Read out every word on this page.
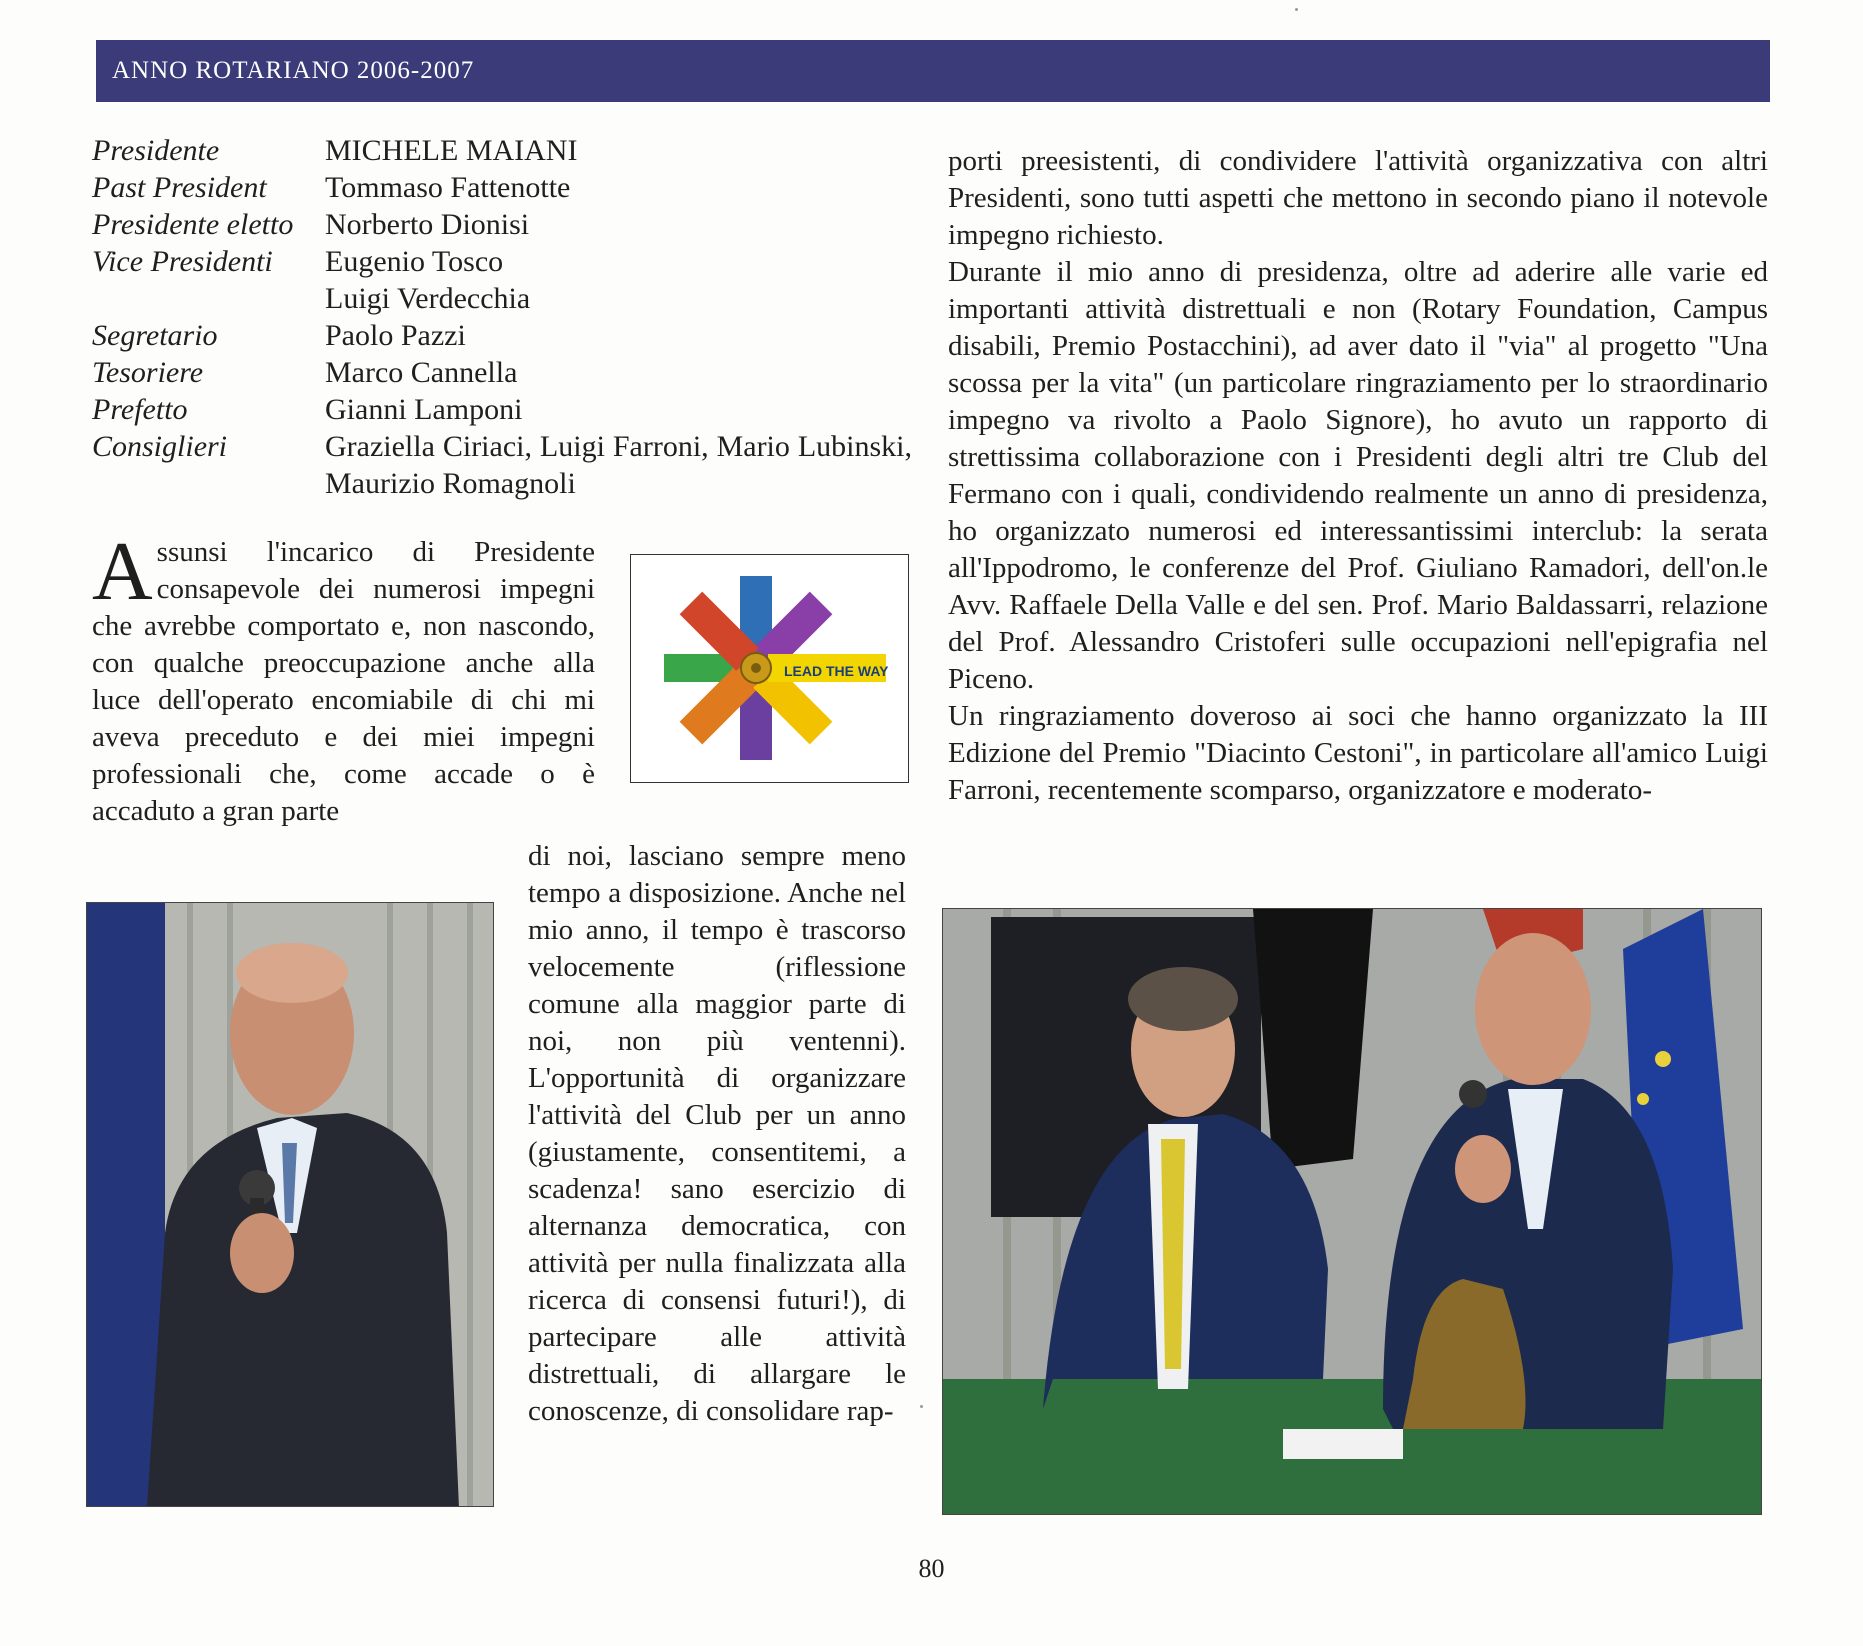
ANNO ROTARIANO 2006-2007
Presidente	MICHELE MAIANI
Past President	Tommaso Fattenotte
Presidente eletto	Norberto Dionisi
Vice Presidenti	Eugenio Tosco
Luigi Verdecchia
Segretario	Paolo Pazzi
Tesoriere	Marco Cannella
Prefetto	Gianni Lamponi
Consiglieri	Graziella Ciriaci, Luigi Farroni, Mario Lubinski, Maurizio Romagnoli

Assunsi l'incarico di Presidente consapevole dei numerosi impegni che avrebbe comportato e, non nascondo, con qualche preoccupazione anche alla luce dell'operato encomiabile di chi mi aveva preceduto e dei miei impegni professionali che, come accade o è accaduto a gran parte

LEAD THE WAY

di noi, lasciano sempre meno tempo a disposizione. Anche nel mio anno, il tempo è trascorso velocemente (riflessione comune alla maggior parte di noi, non più ventenni). L'opportunità di organizzare l'attività del Club per un anno (giustamente, consentitemi, a scadenza! sano esercizio di alternanza democratica, con attività per nulla finalizzata alla ricerca di consensi futuri!), di partecipare alle attività distrettuali, di allargare le conoscenze, di consolidare rap-

porti preesistenti, di condividere l'attività organizzativa con altri Presidenti, sono tutti aspetti che mettono in secondo piano il notevole impegno richiesto.

Durante il mio anno di presidenza, oltre ad aderire alle varie ed importanti attività distrettuali e non (Rotary Foundation, Campus disabili, Premio Postacchini), ad aver dato il "via" al progetto "Una scossa per la vita" (un particolare ringraziamento per lo straordinario impegno va rivolto a Paolo Signore), ho avuto un rapporto di strettissima collaborazione con i Presidenti degli altri tre Club del Fermano con i quali, condividendo realmente un anno di presidenza, ho organizzato numerosi ed interessantissimi interclub: la serata all'Ippodromo, le conferenze del Prof. Giuliano Ramadori, dell'on.le Avv. Raffaele Della Valle e del sen. Prof. Mario Baldassarri, relazione del Prof. Alessandro Cristoferi sulle occupazioni nell'epigrafia nel Piceno.

Un ringraziamento doveroso ai soci che hanno organizzato la III Edizione del Premio "Diacinto Cestoni", in particolare all'amico Luigi Farroni, recentemente scomparso, organizzatore e moderato-

80
